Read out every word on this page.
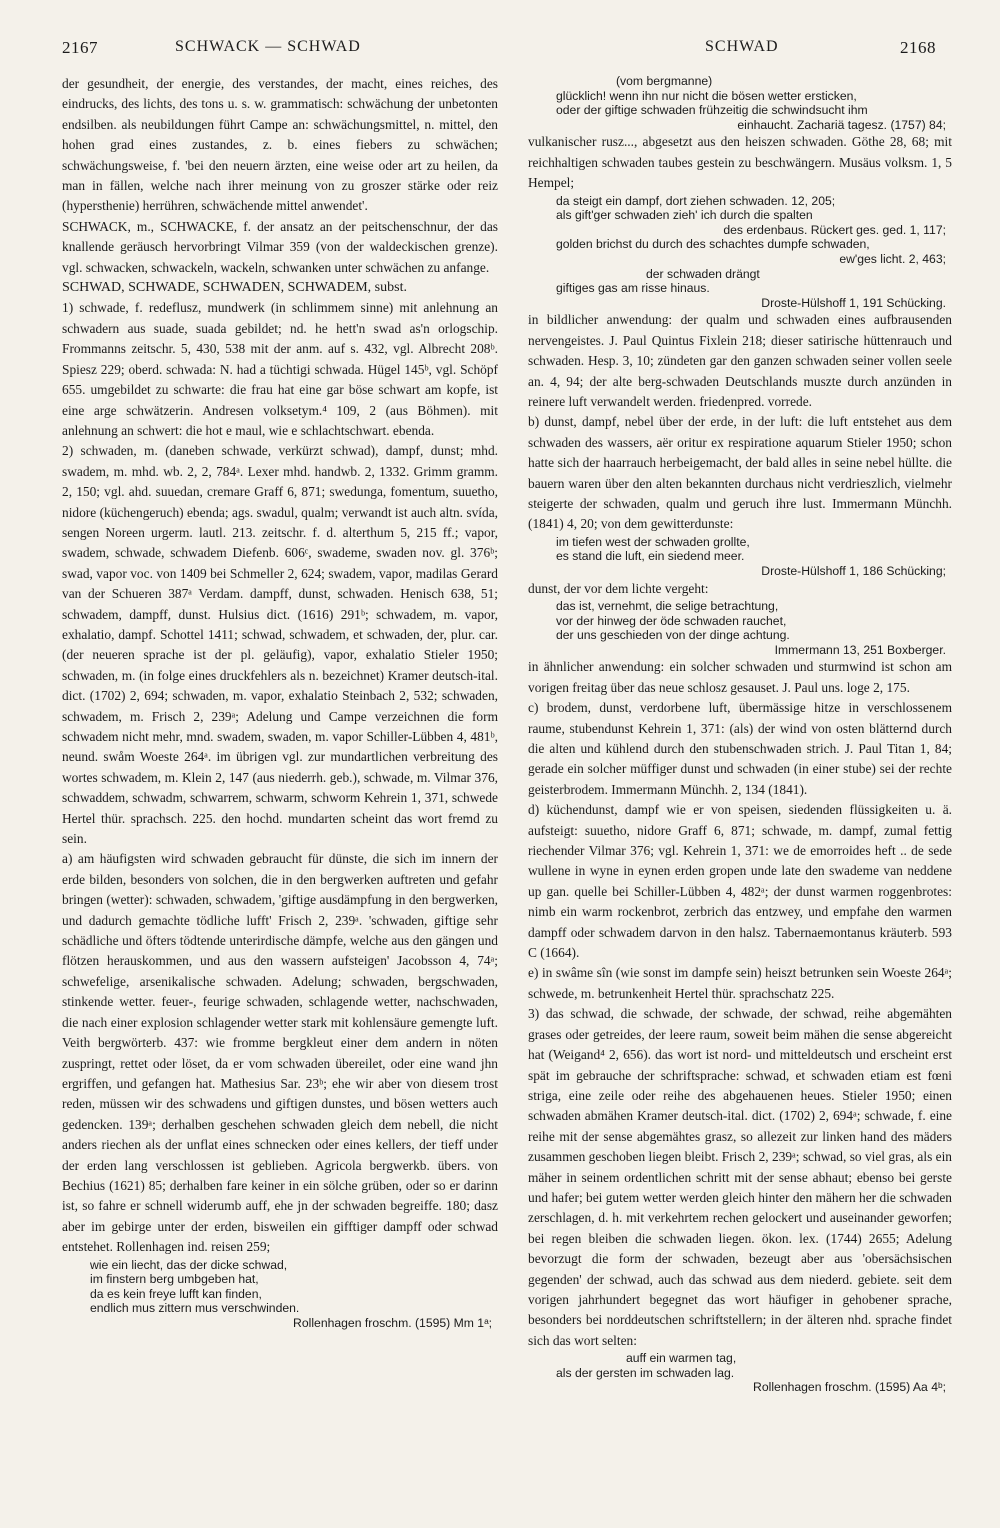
2167	SCHWACK — SCHWAD	SCHWAD	2168

der gesundheit, der energie, des verstandes, der macht, eines reiches, des eindrucks, des lichts, des tons u. s. w. grammatisch: schwächung der unbetonten endsilben. als neubildungen führt Campe an: schwächungsmittel, n. mittel, den hohen grad eines zustandes, z. b. eines fiebers zu schwächen; schwächungsweise, f. 'bei den neuern ärzten, eine weise oder art zu heilen, da man in fällen, welche nach ihrer meinung von zu groszer stärke oder reiz (hypersthenie) herrühren, schwächende mittel anwendet'.

SCHWACK, m., SCHWACKE, f. der ansatz an der peitschenschnur, der das knallende geräusch hervorbringt Vilmar 359 (von der waldeckischen grenze). vgl. schwacken, schwackeln, wackeln, schwanken unter schwächen zu anfange.

SCHWAD, SCHWADE, SCHWADEN, SCHWADEM, subst.

1) schwade, f. redeflusz, mundwerk (in schlimmem sinne) mit anlehnung an schwadern aus suade, suada gebildet; nd. he hett'n swad as'n orlogschip. Frommanns zeitschr. 5, 430, 538 mit der anm. auf s. 432, vgl. Albrecht 208ᵇ. Spiesz 229; oberd. schwada: N. had a tüchtigi schwada. Hügel 145ᵇ, vgl. Schöpf 655. umgebildet zu schwarte: die frau hat eine gar böse schwart am kopfe, ist eine arge schwätzerin. Andresen volksetym.⁴ 109, 2 (aus Böhmen). mit anlehnung an schwert: die hot e maul, wie e schlachtschwart. ebenda.

2) schwaden, m. (daneben schwade, verkürzt schwad), dampf, dunst; mhd. swadem, m. mhd. wb. 2, 2, 784ᵃ. Lexer mhd. handwb. 2, 1332. Grimm gramm. 2, 150; vgl. ahd. suuedan, cremare Graff 6, 871; swedunga, fomentum, suuetho, nidore (küchengeruch) ebenda; ags. swadul, qualm; verwandt ist auch altn. svída, sengen Noreen urgerm. lautl. 213. zeitschr. f. d. alterthum 5, 215 ff.; vapor, swadem, schwade, schwadem Diefenb. 606ᶜ, swademe, swaden nov. gl. 376ᵇ; swad, vapor voc. von 1409 bei Schmeller 2, 624; swadem, vapor, madilas Gerard van der Schueren 387ᵃ Verdam. dampff, dunst, schwaden. Henisch 638, 51; schwadem, dampff, dunst. Hulsius dict. (1616) 291ᵇ; schwadem, m. vapor, exhalatio, dampf. Schottel 1411; schwad, schwadem, et schwaden, der, plur. car. (der neueren sprache ist der pl. geläufig), vapor, exhalatio Stieler 1950; schwaden, m. (in folge eines druckfehlers als n. bezeichnet) Kramer deutsch-ital. dict. (1702) 2, 694; schwaden, m. vapor, exhalatio Steinbach 2, 532; schwaden, schwadem, m. Frisch 2, 239ᵃ; Adelung und Campe verzeichnen die form schwadem nicht mehr, mnd. swadem, swaden, m. vapor Schiller-Lübben 4, 481ᵇ, neund. swåm Woeste 264ᵃ. im übrigen vgl. zur mundartlichen verbreitung des wortes schwadem, m. Klein 2, 147 (aus niederrh. geb.), schwade, m. Vilmar 376, schwaddem, schwadm, schwarrem, schwarm, schworm Kehrein 1, 371, schwede Hertel thür. sprachsch. 225. den hochd. mundarten scheint das wort fremd zu sein.

a) am häufigsten wird schwaden gebraucht für dünste, die sich im innern der erde bilden, besonders von solchen, die in den bergwerken auftreten und gefahr bringen (wetter): schwaden, schwadem, 'giftige ausdämpfung in den bergwerken, und dadurch gemachte tödliche lufft' Frisch 2, 239ᵃ. 'schwaden, giftige sehr schädliche und öfters tödtende unterirdische dämpfe, welche aus den gängen und flötzen herauskommen, und aus den wassern aufsteigen' Jacobsson 4, 74ᵃ; schwefelige, arsenikalische schwaden. Adelung; schwaden, bergschwaden, stinkende wetter. feuer-, feurige schwaden, schlagende wetter, nachschwaden, die nach einer explosion schlagender wetter stark mit kohlensäure gemengte luft. Veith bergwörterb. 437: wie fromme bergkleut einer dem andern in nöten zuspringt, rettet oder löset, da er vom schwaden übereilet, oder eine wand jhn ergriffen, und gefangen hat. Mathesius Sar. 23ᵇ; ehe wir aber von diesem trost reden, müssen wir des schwadens und giftigen dunstes, und bösen wetters auch gedencken. 139ᵃ; derhalben geschehen schwaden gleich dem nebell, die nicht anders riechen als der unflat eines schnecken oder eines kellers, der tieff under der erden lang verschlossen ist geblieben. Agricola bergwerkb. übers. von Bechius (1621) 85; derhalben fare keiner in ein sölche grüben, oder so er darinn ist, so fahre er schnell widerumb auff, ehe jn der schwaden begreiffe. 180; dasz aber im gebirge unter der erden, bisweilen ein gifftiger dampff oder schwad entstehet. Rollenhagen ind. reisen 259;

wie ein liecht, das der dicke schwad,
im finstern berg umbgeben hat,
da es kein freye lufft kan finden,
endlich mus zittern mus verschwinden.
Rollenhagen froschm. (1595) Mm 1ᵃ;
(vom bergmanne)
glücklich! wenn ihn nur nicht die bösen wetter ersticken,
oder der giftige schwaden frühzeitig die schwindsucht ihm
einhaucht. Zachariä tagesz. (1757) 84;

vulkanischer rusz..., abgesetzt aus den heiszen schwaden. Göthe 28, 68; mit reichhaltigen schwaden taubes gestein zu beschwängern. Musäus volksm. 1, 5 Hempel;

da steigt ein dampf, dort ziehen schwaden. 12, 205;
als gift'ger schwaden zieh' ich durch die spalten
des erdenbaus. Rückert ges. ged. 1, 117;
golden brichst du durch des schachtes dumpfe schwaden,
ew'ges licht. 2, 463;
der schwaden drängt
giftiges gas am risse hinaus.
Droste-Hülshoff 1, 191 Schücking.

in bildlicher anwendung: der qualm und schwaden eines aufbrausenden nervengeistes. J. Paul Quintus Fixlein 218; dieser satirische hüttenrauch und schwaden. Hesp. 3, 10; zündeten gar den ganzen schwaden seiner vollen seele an. 4, 94; der alte berg-schwaden Deutschlands muszte durch anzünden in reinere luft verwandelt werden. friedenpred. vorrede.

b) dunst, dampf, nebel über der erde, in der luft: die luft entstehet aus dem schwaden des wassers, aër oritur ex respiratione aquarum Stieler 1950; schon hatte sich der haarrauch herbeigemacht, der bald alles in seine nebel hüllte. die bauern waren über den alten bekannten durchaus nicht verdrieszlich, vielmehr steigerte der schwaden, qualm und geruch ihre lust. Immermann Münchh. (1841) 4, 20; von dem gewitterdunste:

im tiefen west der schwaden grollte,
es stand die luft, ein siedend meer.
Droste-Hülshoff 1, 186 Schücking;

dunst, der vor dem lichte vergeht:

das ist, vernehmt, die selige betrachtung,
vor der hinweg der öde schwaden rauchet,
der uns geschieden von der dinge achtung.
Immermann 13, 251 Boxberger.

in ähnlicher anwendung: ein solcher schwaden und sturmwind ist schon am vorigen freitag über das neue schlosz gesauset. J. Paul uns. loge 2, 175.

c) brodem, dunst, verdorbene luft, übermässige hitze in verschlossenem raume, stubendunst Kehrein 1, 371: (als) der wind von osten blätternd durch die alten und kühlend durch den stubenschwaden strich. J. Paul Titan 1, 84; gerade ein solcher müffiger dunst und schwaden (in einer stube) sei der rechte geisterbrodem. Immermann Münchh. 2, 134 (1841).

d) küchendunst, dampf wie er von speisen, siedenden flüssigkeiten u. ä. aufsteigt: suuetho, nidore Graff 6, 871; schwade, m. dampf, zumal fettig riechender Vilmar 376; vgl. Kehrein 1, 371: we de emorroides heft .. de sede wullene in wyne in eynen erden gropen unde late den swademe van neddene up gan. quelle bei Schiller-Lübben 4, 482ᵃ; der dunst warmen roggenbrotes: nimb ein warm rockenbrot, zerbrich das entzwey, und empfahe den warmen dampff oder schwadem darvon in den halsz. Tabernaemontanus kräuterb. 593 C (1664).

e) in swâme sîn (wie sonst im dampfe sein) heiszt betrunken sein Woeste 264ᵃ; schwede, m. betrunkenheit Hertel thür. sprachschatz 225.

3) das schwad, die schwade, der schwade, der schwad, reihe abgemähten grases oder getreides, der leere raum, soweit beim mähen die sense abgereicht hat (Weigand⁴ 2, 656). das wort ist nord- und mitteldeutsch und erscheint erst spät im gebrauche der schriftsprache: schwad, et schwaden etiam est fœni striga, eine zeile oder reihe des abgehauenen heues. Stieler 1950; einen schwaden abmähen Kramer deutsch-ital. dict. (1702) 2, 694ᵃ; schwade, f. eine reihe mit der sense abgemähtes grasz, so allezeit zur linken hand des mäders zusammen geschoben liegen bleibt. Frisch 2, 239ᵃ; schwad, so viel gras, als ein mäher in seinem ordentlichen schritt mit der sense abhaut; ebenso bei gerste und hafer; bei gutem wetter werden gleich hinter den mähern her die schwaden zerschlagen, d. h. mit verkehrtem rechen gelockert und auseinander geworfen; bei regen bleiben die schwaden liegen. ökon. lex. (1744) 2655; Adelung bevorzugt die form der schwaden, bezeugt aber aus 'obersächsischen gegenden' der schwad, auch das schwad aus dem niederd. gebiete. seit dem vorigen jahrhundert begegnet das wort häufiger in gehobener sprache, besonders bei norddeutschen schriftstellern; in der älteren nhd. sprache findet sich das wort selten:

auff ein warmen tag,
als der gersten im schwaden lag.
Rollenhagen froschm. (1595) Aa 4ᵇ;
